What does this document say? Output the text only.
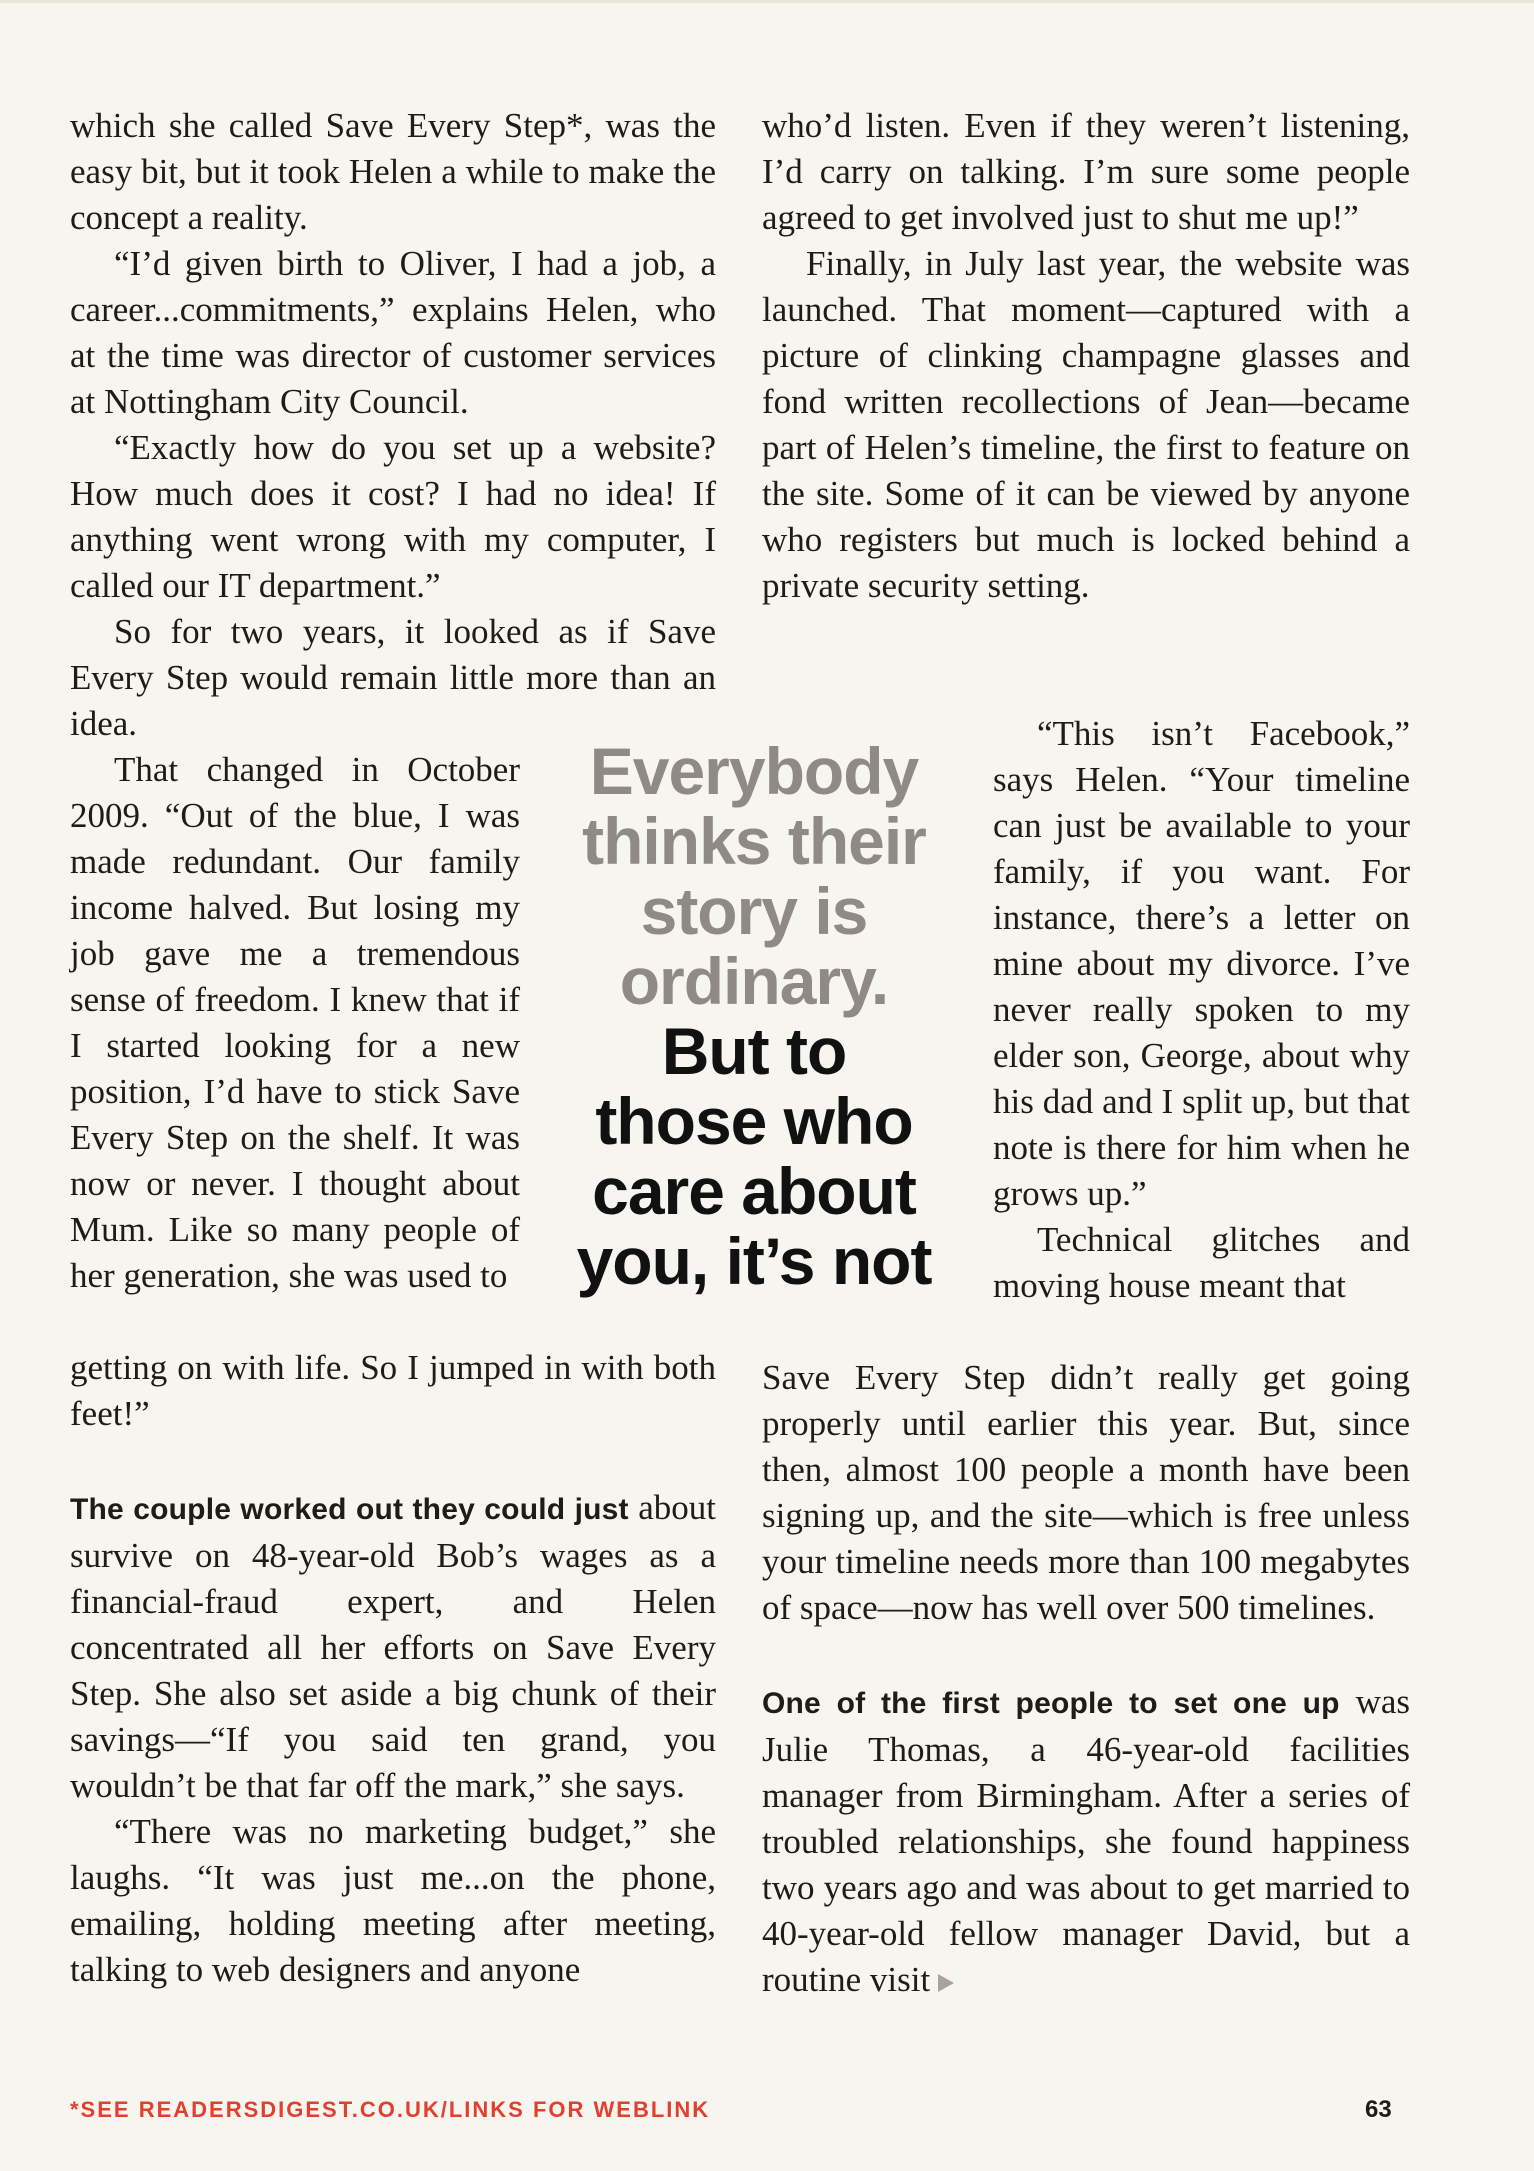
which she called Save Every Step*, was the easy bit, but it took Helen a while to make the concept a reality.

“I’d given birth to Oliver, I had a job, a career...commitments,” explains Helen, who at the time was director of customer services at Nottingham City Council.

“Exactly how do you set up a website? How much does it cost? I had no idea! If anything went wrong with my computer, I called our IT department.”

So for two years, it looked as if Save Every Step would remain little more than an idea.

That changed in October 2009. “Out of the blue, I was made redundant. Our family income halved. But losing my job gave me a tremendous sense of freedom. I knew that if I started looking for a new position, I’d have to stick Save Every Step on the shelf. It was now or never. I thought about Mum. Like so many people of her generation, she was used to

getting on with life. So I jumped in with both feet!”

The couple worked out they could just about survive on 48-year-old Bob’s wages as a financial-fraud expert, and Helen concentrated all her efforts on Save Every Step. She also set aside a big chunk of their savings—“If you said ten grand, you wouldn’t be that far off the mark,” she says.

“There was no marketing budget,” she laughs. “It was just me...on the phone, emailing, holding meeting after meeting, talking to web designers and anyone

Everybody
thinks their
story is
ordinary.
But to
those who
care about
you, it’s not

who’d listen. Even if they weren’t listening, I’d carry on talking. I’m sure some people agreed to get involved just to shut me up!”

Finally, in July last year, the website was launched. That moment—captured with a picture of clinking champagne glasses and fond written recollections of Jean—became part of Helen’s timeline, the first to feature on the site. Some of it can be viewed by anyone who registers but much is locked behind a private security setting.

“This isn’t Facebook,” says Helen. “Your timeline can just be available to your family, if you want. For instance, there’s a letter on mine about my divorce. I’ve never really spoken to my elder son, George, about why his dad and I split up, but that note is there for him when he grows up.”

Technical glitches and moving house meant that

Save Every Step didn’t really get going properly until earlier this year. But, since then, almost 100 people a month have been signing up, and the site—which is free unless your timeline needs more than 100 megabytes of space—now has well over 500 timelines.

One of the first people to set one up was Julie Thomas, a 46-year-old facilities manager from Birmingham. After a series of troubled relationships, she found happiness two years ago and was about to get married to 40-year-old fellow manager David, but a routine visit

*SEE READERSDIGEST.CO.UK/LINKS FOR WEBLINK	63
